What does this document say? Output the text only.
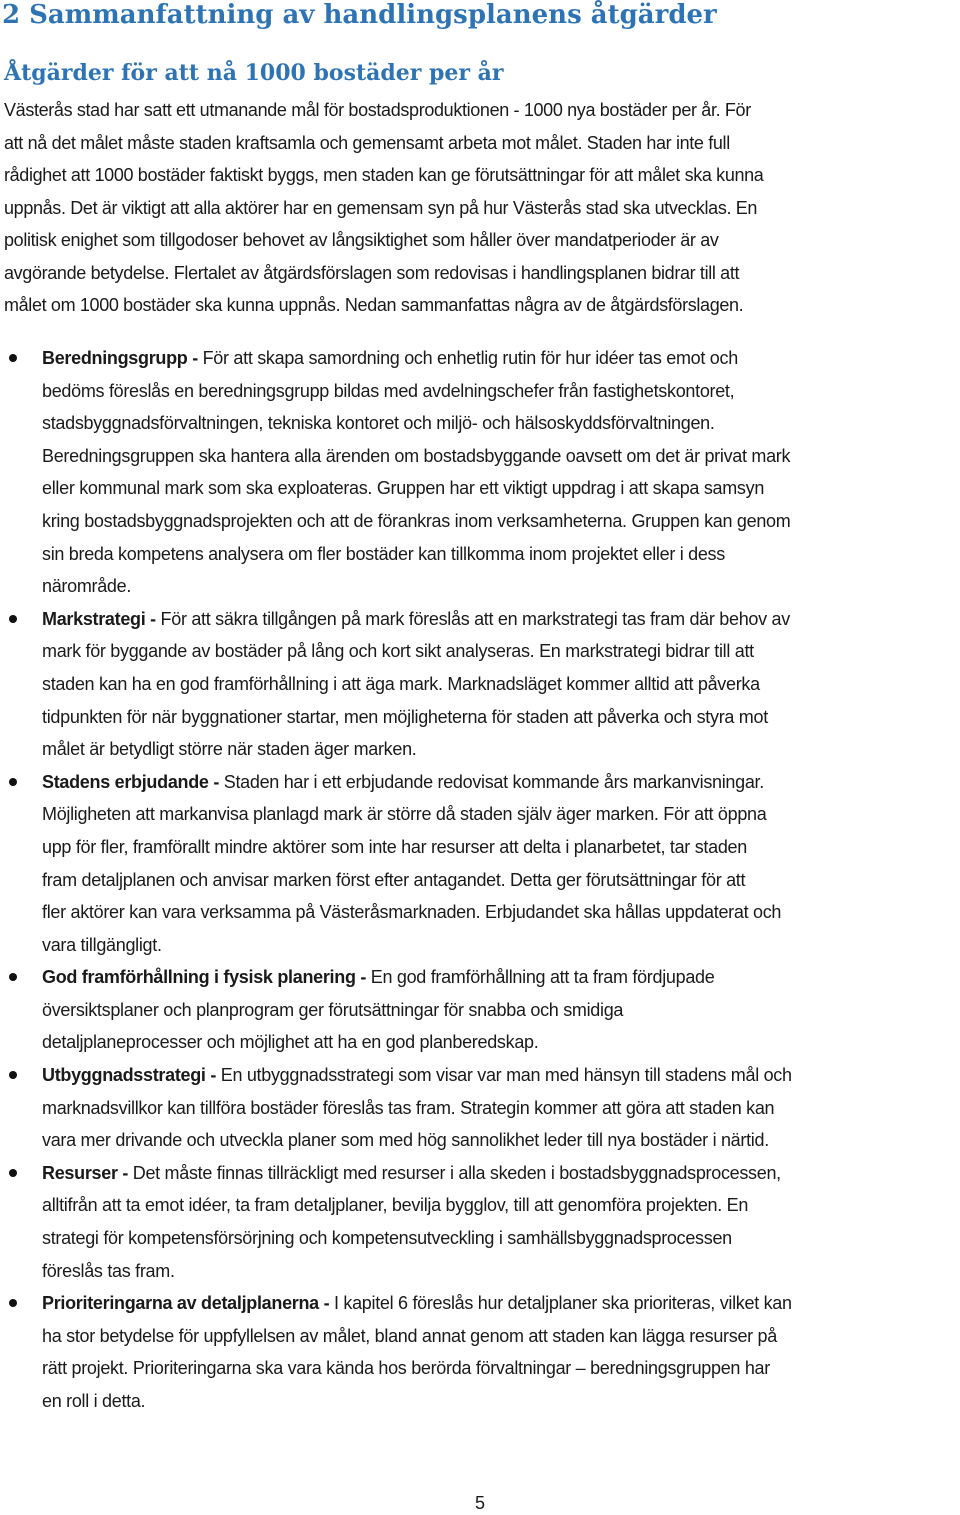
2 Sammanfattning av handlingsplanens åtgärder
Åtgärder för att nå 1000 bostäder per år

Västerås stad har satt ett utmanande mål för bostadsproduktionen - 1000 nya bostäder per år. För
att nå det målet måste staden kraftsamla och gemensamt arbeta mot målet. Staden har inte full
rådighet att 1000 bostäder faktiskt byggs, men staden kan ge förutsättningar för att målet ska kunna
uppnås. Det är viktigt att alla aktörer har en gemensam syn på hur Västerås stad ska utvecklas. En
politisk enighet som tillgodoser behovet av långsiktighet som håller över mandatperioder är av
avgörande betydelse. Flertalet av åtgärdsförslagen som redovisas i handlingsplanen bidrar till att
målet om 1000 bostäder ska kunna uppnås. Nedan sammanfattas några av de åtgärdsförslagen.

Beredningsgrupp - För att skapa samordning och enhetlig rutin för hur idéer tas emot och
bedöms föreslås en beredningsgrupp bildas med avdelningschefer från fastighetskontoret,
stadsbyggnadsförvaltningen, tekniska kontoret och miljö- och hälsoskyddsförvaltningen.
Beredningsgruppen ska hantera alla ärenden om bostadsbyggande oavsett om det är privat mark
eller kommunal mark som ska exploateras. Gruppen har ett viktigt uppdrag i att skapa samsyn
kring bostadsbyggnadsprojekten och att de förankras inom verksamheterna. Gruppen kan genom
sin breda kompetens analysera om fler bostäder kan tillkomma inom projektet eller i dess
närområde.
Markstrategi - För att säkra tillgången på mark föreslås att en markstrategi tas fram där behov av
mark för byggande av bostäder på lång och kort sikt analyseras. En markstrategi bidrar till att
staden kan ha en god framförhållning i att äga mark. Marknadsläget kommer alltid att påverka
tidpunkten för när byggnationer startar, men möjligheterna för staden att påverka och styra mot
målet är betydligt större när staden äger marken.
Stadens erbjudande - Staden har i ett erbjudande redovisat kommande års markanvisningar.
Möjligheten att markanvisa planlagd mark är större då staden själv äger marken. För att öppna
upp för fler, framförallt mindre aktörer som inte har resurser att delta i planarbetet, tar staden
fram detaljplanen och anvisar marken först efter antagandet. Detta ger förutsättningar för att
fler aktörer kan vara verksamma på Västeråsmarknaden. Erbjudandet ska hållas uppdaterat och
vara tillgängligt.
God framförhållning i fysisk planering - En god framförhållning att ta fram fördjupade
översiktsplaner och planprogram ger förutsättningar för snabba och smidiga
detaljplaneprocesser och möjlighet att ha en god planberedskap.
Utbyggnadsstrategi - En utbyggnadsstrategi som visar var man med hänsyn till stadens mål och
marknadsvillkor kan tillföra bostäder föreslås tas fram. Strategin kommer att göra att staden kan
vara mer drivande och utveckla planer som med hög sannolikhet leder till nya bostäder i närtid.
Resurser - Det måste finnas tillräckligt med resurser i alla skeden i bostadsbyggnadsprocessen,
alltifrån att ta emot idéer, ta fram detaljplaner, bevilja bygglov, till att genomföra projekten. En
strategi för kompetensförsörjning och kompetensutveckling i samhällsbyggnadsprocessen
föreslås tas fram.
Prioriteringarna av detaljplanerna - I kapitel 6 föreslås hur detaljplaner ska prioriteras, vilket kan
ha stor betydelse för uppfyllelsen av målet, bland annat genom att staden kan lägga resurser på
rätt projekt. Prioriteringarna ska vara kända hos berörda förvaltningar – beredningsgruppen har
en roll i detta.
5
